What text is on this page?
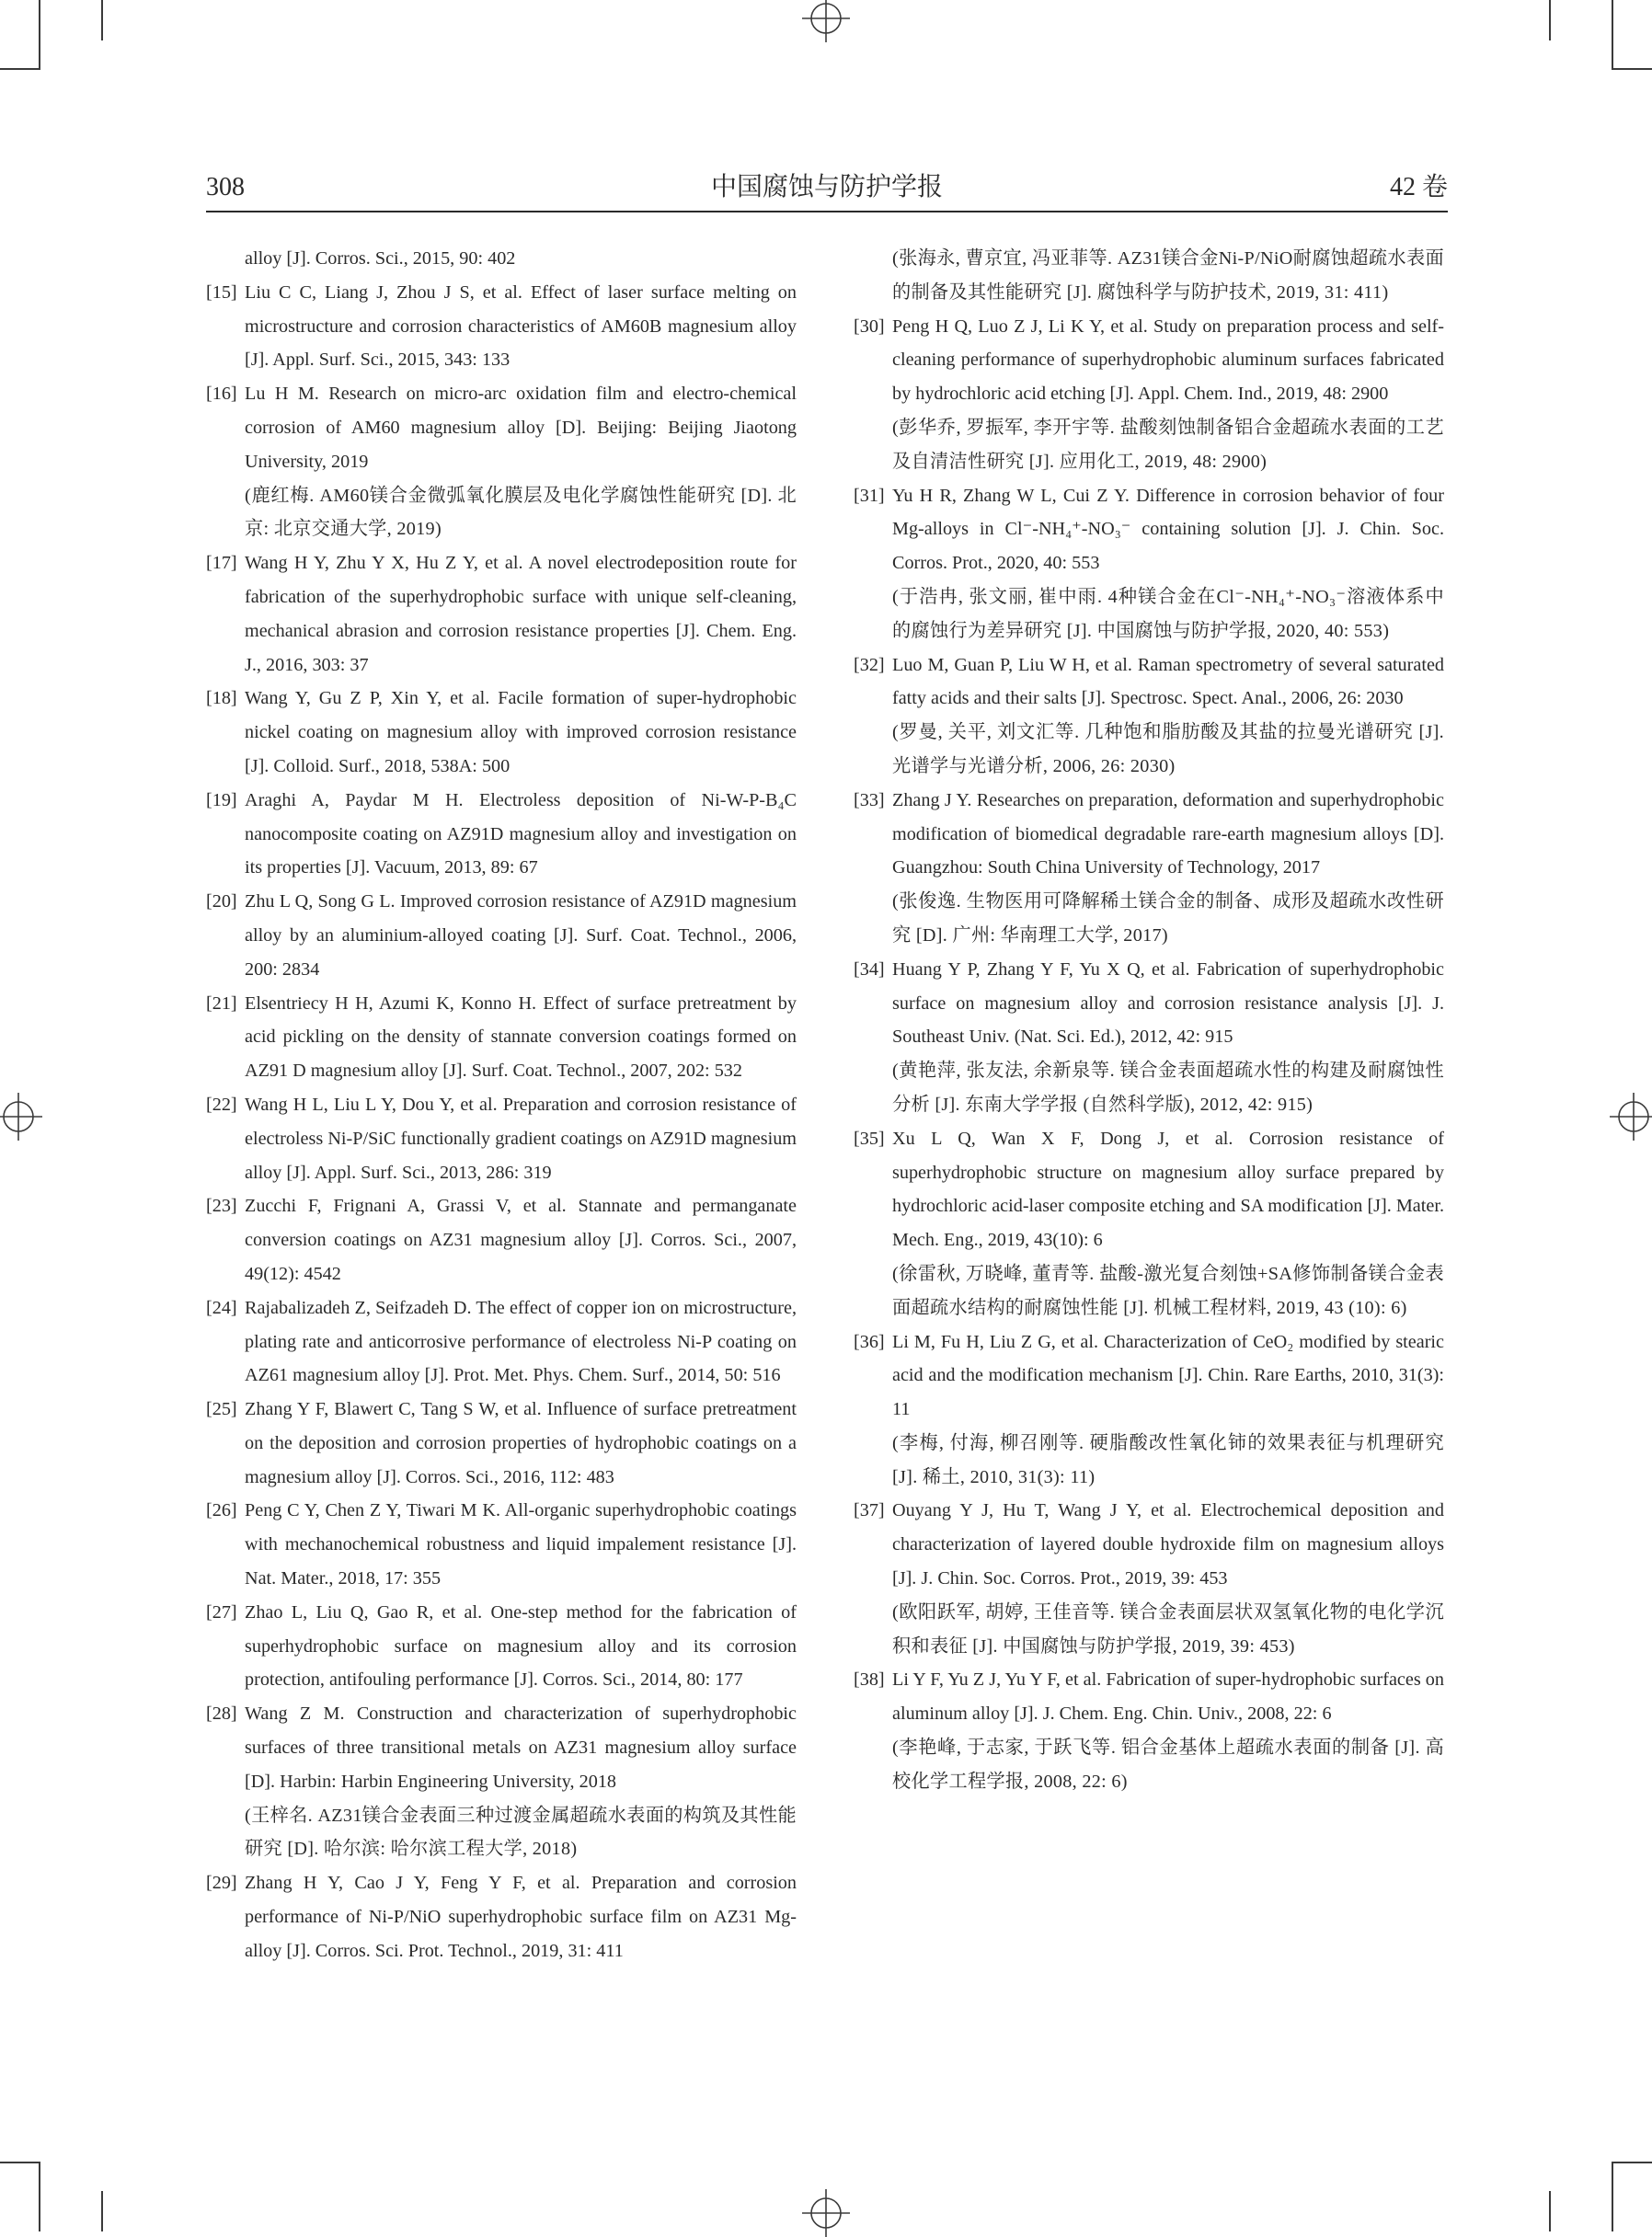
308	中国腐蚀与防护学报	42 卷

alloy [J]. Corros. Sci., 2015, 90: 402

[15] Liu C C, Liang J, Zhou J S, et al. Effect of laser surface melting on microstructure and corrosion characteristics of AM60B magnesium alloy [J]. Appl. Surf. Sci., 2015, 343: 133

[16] Lu H M. Research on micro-arc oxidation film and electro-chemical corrosion of AM60 magnesium alloy [D]. Beijing: Beijing Jiaotong University, 2019

(鹿红梅. AM60镁合金微弧氧化膜层及电化学腐蚀性能研究 [D]. 北京: 北京交通大学, 2019)

[17] Wang H Y, Zhu Y X, Hu Z Y, et al. A novel electrodeposition route for fabrication of the superhydrophobic surface with unique self-cleaning, mechanical abrasion and corrosion resistance properties [J]. Chem. Eng. J., 2016, 303: 37

[18] Wang Y, Gu Z P, Xin Y, et al. Facile formation of super-hydrophobic nickel coating on magnesium alloy with improved corrosion resistance [J]. Colloid. Surf., 2018, 538A: 500

[19] Araghi A, Paydar M H. Electroless deposition of Ni-W-P-B₄C nanocomposite coating on AZ91D magnesium alloy and investigation on its properties [J]. Vacuum, 2013, 89: 67

[20] Zhu L Q, Song G L. Improved corrosion resistance of AZ91D magnesium alloy by an aluminium-alloyed coating [J]. Surf. Coat. Technol., 2006, 200: 2834

[21] Elsentriecy H H, Azumi K, Konno H. Effect of surface pretreatment by acid pickling on the density of stannate conversion coatings formed on AZ91 D magnesium alloy [J]. Surf. Coat. Technol., 2007, 202: 532

[22] Wang H L, Liu L Y, Dou Y, et al. Preparation and corrosion resistance of electroless Ni-P/SiC functionally gradient coatings on AZ91D magnesium alloy [J]. Appl. Surf. Sci., 2013, 286: 319

[23] Zucchi F, Frignani A, Grassi V, et al. Stannate and permanganate conversion coatings on AZ31 magnesium alloy [J]. Corros. Sci., 2007, 49(12): 4542

[24] Rajabalizadeh Z, Seifzadeh D. The effect of copper ion on microstructure, plating rate and anticorrosive performance of electroless Ni-P coating on AZ61 magnesium alloy [J]. Prot. Met. Phys. Chem. Surf., 2014, 50: 516

[25] Zhang Y F, Blawert C, Tang S W, et al. Influence of surface pretreatment on the deposition and corrosion properties of hydrophobic coatings on a magnesium alloy [J]. Corros. Sci., 2016, 112: 483

[26] Peng C Y, Chen Z Y, Tiwari M K. All-organic superhydrophobic coatings with mechanochemical robustness and liquid impalement resistance [J]. Nat. Mater., 2018, 17: 355

[27] Zhao L, Liu Q, Gao R, et al. One-step method for the fabrication of superhydrophobic surface on magnesium alloy and its corrosion protection, antifouling performance [J]. Corros. Sci., 2014, 80: 177

[28] Wang Z M. Construction and characterization of superhydrophobic surfaces of three transitional metals on AZ31 magnesium alloy surface [D]. Harbin: Harbin Engineering University, 2018

(王梓名. AZ31镁合金表面三种过渡金属超疏水表面的构筑及其性能研究 [D]. 哈尔滨: 哈尔滨工程大学, 2018)

[29] Zhang H Y, Cao J Y, Feng Y F, et al. Preparation and corrosion performance of Ni-P/NiO superhydrophobic surface film on AZ31 Mg-alloy [J]. Corros. Sci. Prot. Technol., 2019, 31: 411

(张海永, 曹京宜, 冯亚菲等. AZ31镁合金Ni-P/NiO耐腐蚀超疏水表面的制备及其性能研究 [J]. 腐蚀科学与防护技术, 2019, 31: 411)

[30] Peng H Q, Luo Z J, Li K Y, et al. Study on preparation process and self-cleaning performance of superhydrophobic aluminum surfaces fabricated by hydrochloric acid etching [J]. Appl. Chem. Ind., 2019, 48: 2900

(彭华乔, 罗振军, 李开宇等. 盐酸刻蚀制备铝合金超疏水表面的工艺及自清洁性研究 [J]. 应用化工, 2019, 48: 2900)

[31] Yu H R, Zhang W L, Cui Z Y. Difference in corrosion behavior of four Mg-alloys in Cl⁻-NH₄⁺-NO₃⁻ containing solution [J]. J. Chin. Soc. Corros. Prot., 2020, 40: 553

(于浩冉, 张文丽, 崔中雨. 4种镁合金在Cl⁻-NH₄⁺-NO₃⁻溶液体系中的腐蚀行为差异研究 [J]. 中国腐蚀与防护学报, 2020, 40: 553)

[32] Luo M, Guan P, Liu W H, et al. Raman spectrometry of several saturated fatty acids and their salts [J]. Spectrosc. Spect. Anal., 2006, 26: 2030

(罗曼, 关平, 刘文汇等. 几种饱和脂肪酸及其盐的拉曼光谱研究 [J]. 光谱学与光谱分析, 2006, 26: 2030)

[33] Zhang J Y. Researches on preparation, deformation and superhydrophobic modification of biomedical degradable rare-earth magnesium alloys [D]. Guangzhou: South China University of Technology, 2017

(张俊逸. 生物医用可降解稀土镁合金的制备、成形及超疏水改性研究 [D]. 广州: 华南理工大学, 2017)

[34] Huang Y P, Zhang Y F, Yu X Q, et al. Fabrication of superhydrophobic surface on magnesium alloy and corrosion resistance analysis [J]. J. Southeast Univ. (Nat. Sci. Ed.), 2012, 42: 915

(黄艳萍, 张友法, 余新泉等. 镁合金表面超疏水性的构建及耐腐蚀性分析 [J]. 东南大学学报 (自然科学版), 2012, 42: 915)

[35] Xu L Q, Wan X F, Dong J, et al. Corrosion resistance of superhydrophobic structure on magnesium alloy surface prepared by hydrochloric acid-laser composite etching and SA modification [J]. Mater. Mech. Eng., 2019, 43(10): 6

(徐雷秋, 万晓峰, 董青等. 盐酸-激光复合刻蚀+SA修饰制备镁合金表面超疏水结构的耐腐蚀性能 [J]. 机械工程材料, 2019, 43 (10): 6)

[36] Li M, Fu H, Liu Z G, et al. Characterization of CeO₂ modified by stearic acid and the modification mechanism [J]. Chin. Rare Earths, 2010, 31(3): 11

(李梅, 付海, 柳召刚等. 硬脂酸改性氧化铈的效果表征与机理研究 [J]. 稀土, 2010, 31(3): 11)

[37] Ouyang Y J, Hu T, Wang J Y, et al. Electrochemical deposition and characterization of layered double hydroxide film on magnesium alloys [J]. J. Chin. Soc. Corros. Prot., 2019, 39: 453

(欧阳跃军, 胡婷, 王佳音等. 镁合金表面层状双氢氧化物的电化学沉积和表征 [J]. 中国腐蚀与防护学报, 2019, 39: 453)

[38] Li Y F, Yu Z J, Yu Y F, et al. Fabrication of super-hydrophobic surfaces on aluminum alloy [J]. J. Chem. Eng. Chin. Univ., 2008, 22: 6

(李艳峰, 于志家, 于跃飞等. 铝合金基体上超疏水表面的制备 [J]. 高校化学工程学报, 2008, 22: 6)
